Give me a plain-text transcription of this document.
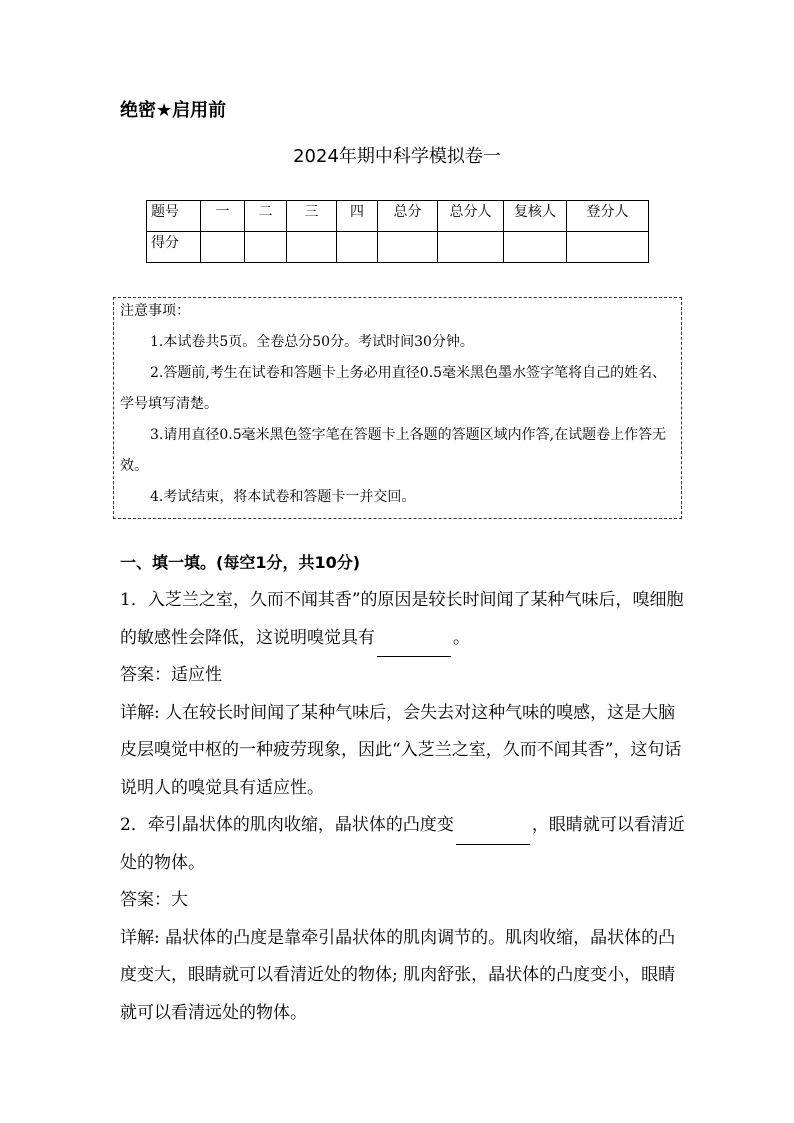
绝密★启用前
2024年期中科学模拟卷一
题号	一	二	三	四	总分	总分人	复核人	登分人
得分								
注意事项：
1.本试卷共5页。全卷总分50分。考试时间30分钟。
2.答题前,考生在试卷和答题卡上务必用直径0.5毫米黑色墨水签字笔将自己的姓名、学号填写清楚。
3.请用直径0.5毫米黑色签字笔在答题卡上各题的答题区域内作答,在试题卷上作答无效。
4.考试结束，将本试卷和答题卡一并交回。
一、填一填。(每空1分，共10分)

1．入芝兰之室，久而不闻其香”的原因是较长时间闻了某种气味后，嗅细胞的敏感性会降低，这说明嗅觉具有	。

答案：适应性

详解: 人在较长时间闻了某种气味后，会失去对这种气味的嗅感，这是大脑皮层嗅觉中枢的一种疲劳现象，因此“入芝兰之室，久而不闻其香”，这句话说明人的嗅觉具有适应性。

2．牵引晶状体的肌肉收缩，晶状体的凸度变	，眼睛就可以看清近处的物体。

答案：大

详解: 晶状体的凸度是靠牵引晶状体的肌肉调节的。肌肉收缩，晶状体的凸度变大，眼睛就可以看清近处的物体; 肌肉舒张，晶状体的凸度变小，眼睛就可以看清远处的物体。
